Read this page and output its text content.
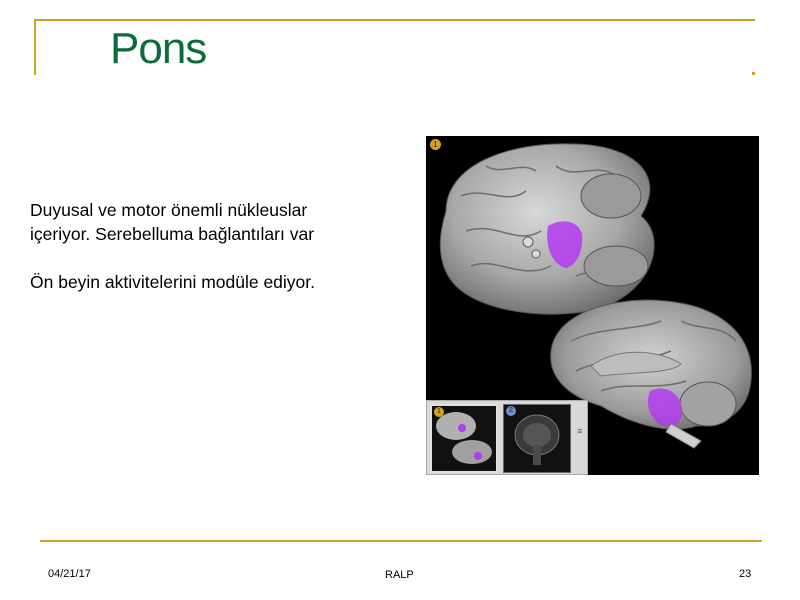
Pons

Duyusal ve motor önemli nükleuslar

içeriyor. Serebelluma bağlantıları var

Ön beyin aktivitelerini modüle ediyor.

1
1	2
≡
04/21/17	RALP	23
